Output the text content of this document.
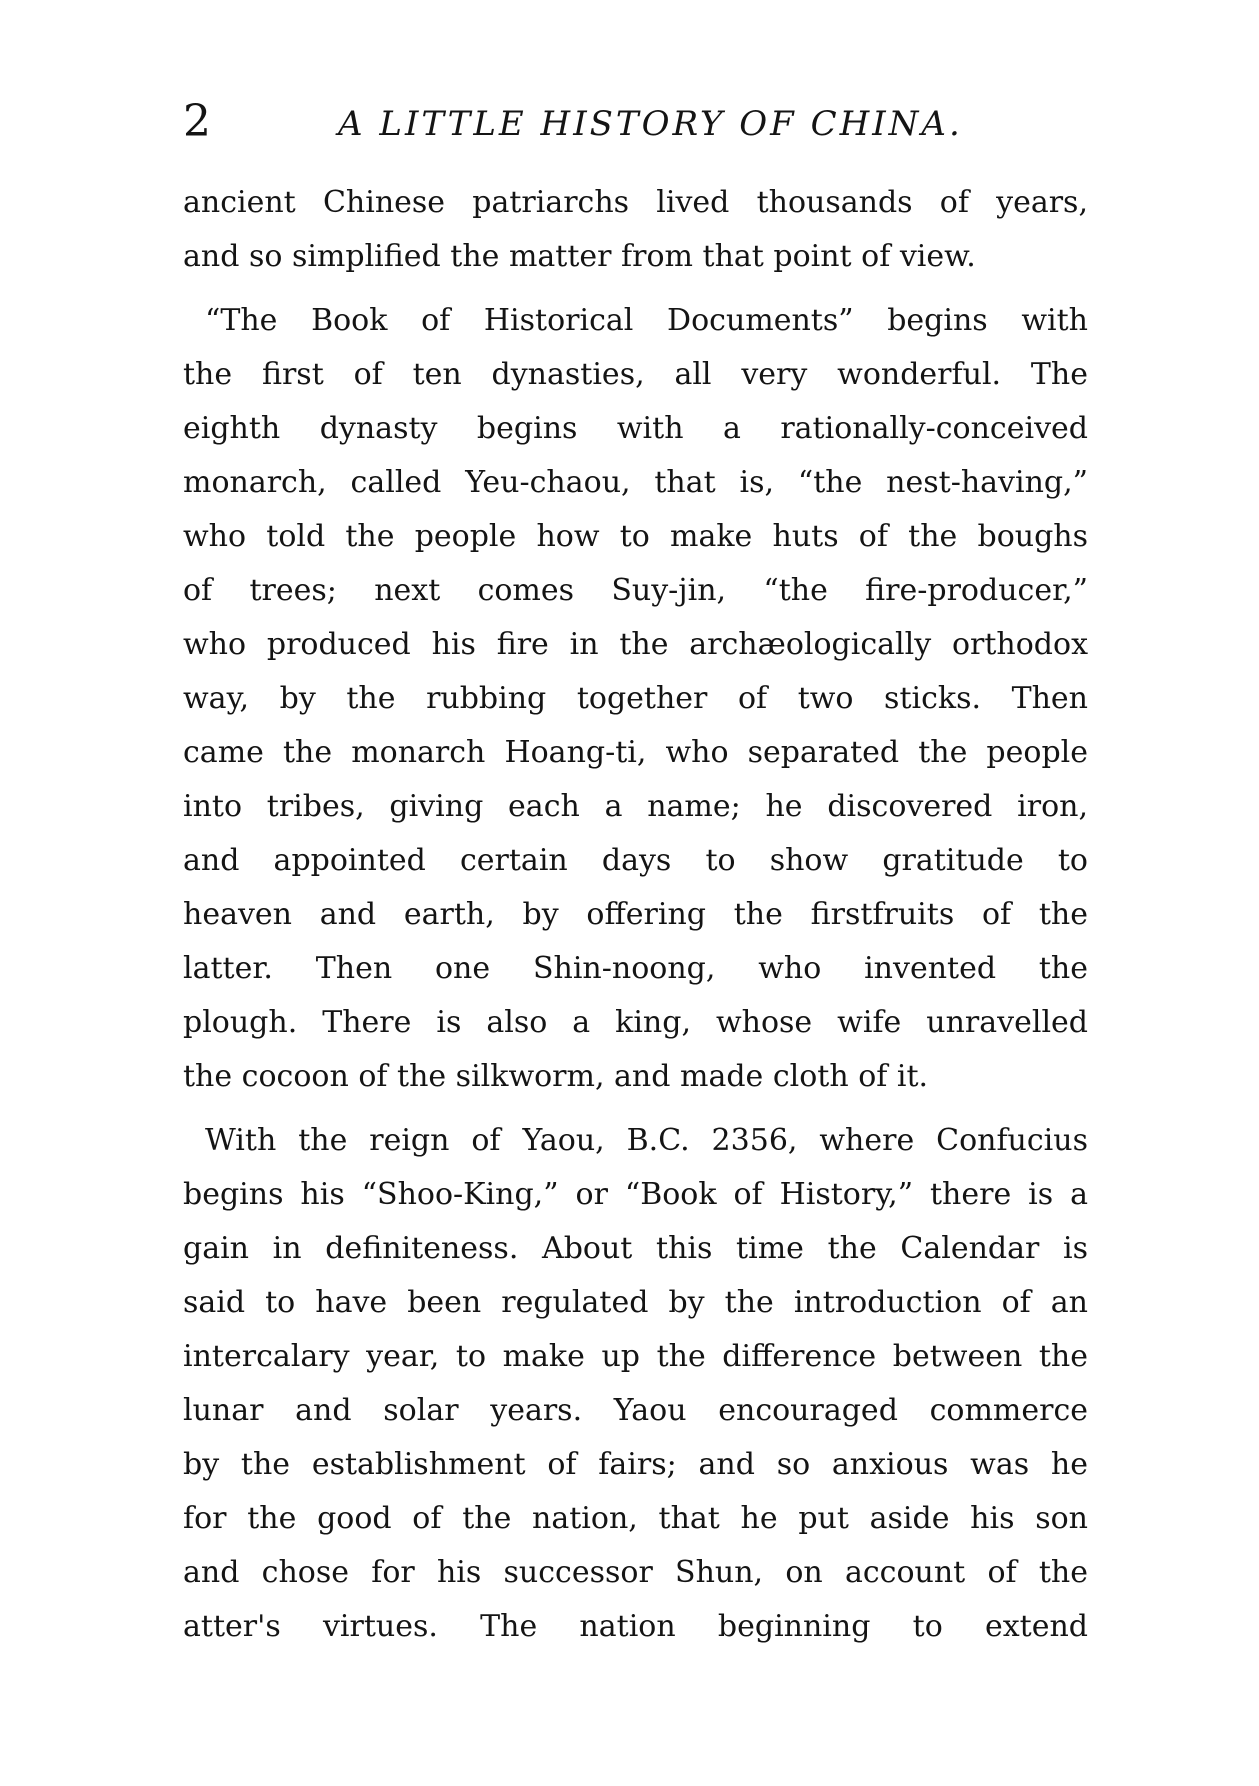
2	A LITTLE HISTORY OF CHINA.
ancient Chinese patriarchs lived thousands of years,
and so simplified the matter from that point of view.
“The Book of Historical Documents” begins with
the first of ten dynasties, all very wonderful. The
eighth dynasty begins with a rationally-conceived
monarch, called Yeu-chaou, that is, “the nest-having,”
who told the people how to make huts of the boughs
of trees; next comes Suy-jin, “the fire-producer,”
who produced his fire in the archæologically orthodox
way, by the rubbing together of two sticks. Then
came the monarch Hoang-ti, who separated the people
into tribes, giving each a name; he discovered iron,
and appointed certain days to show gratitude to
heaven and earth, by offering the firstfruits of the
latter. Then one Shin-noong, who invented the
plough. There is also a king, whose wife unravelled
the cocoon of the silkworm, and made cloth of it.
With the reign of Yaou, B.C. 2356, where Confucius
begins his “Shoo-King,” or “Book of History,” there is a
gain in definiteness. About this time the Calendar is
said to have been regulated by the introduction of an
intercalary year, to make up the difference between the
lunar and solar years. Yaou encouraged commerce
by the establishment of fairs; and so anxious was he
for the good of the nation, that he put aside his son
and chose for his successor Shun, on account of the
atter's virtues. The nation beginning to extend
